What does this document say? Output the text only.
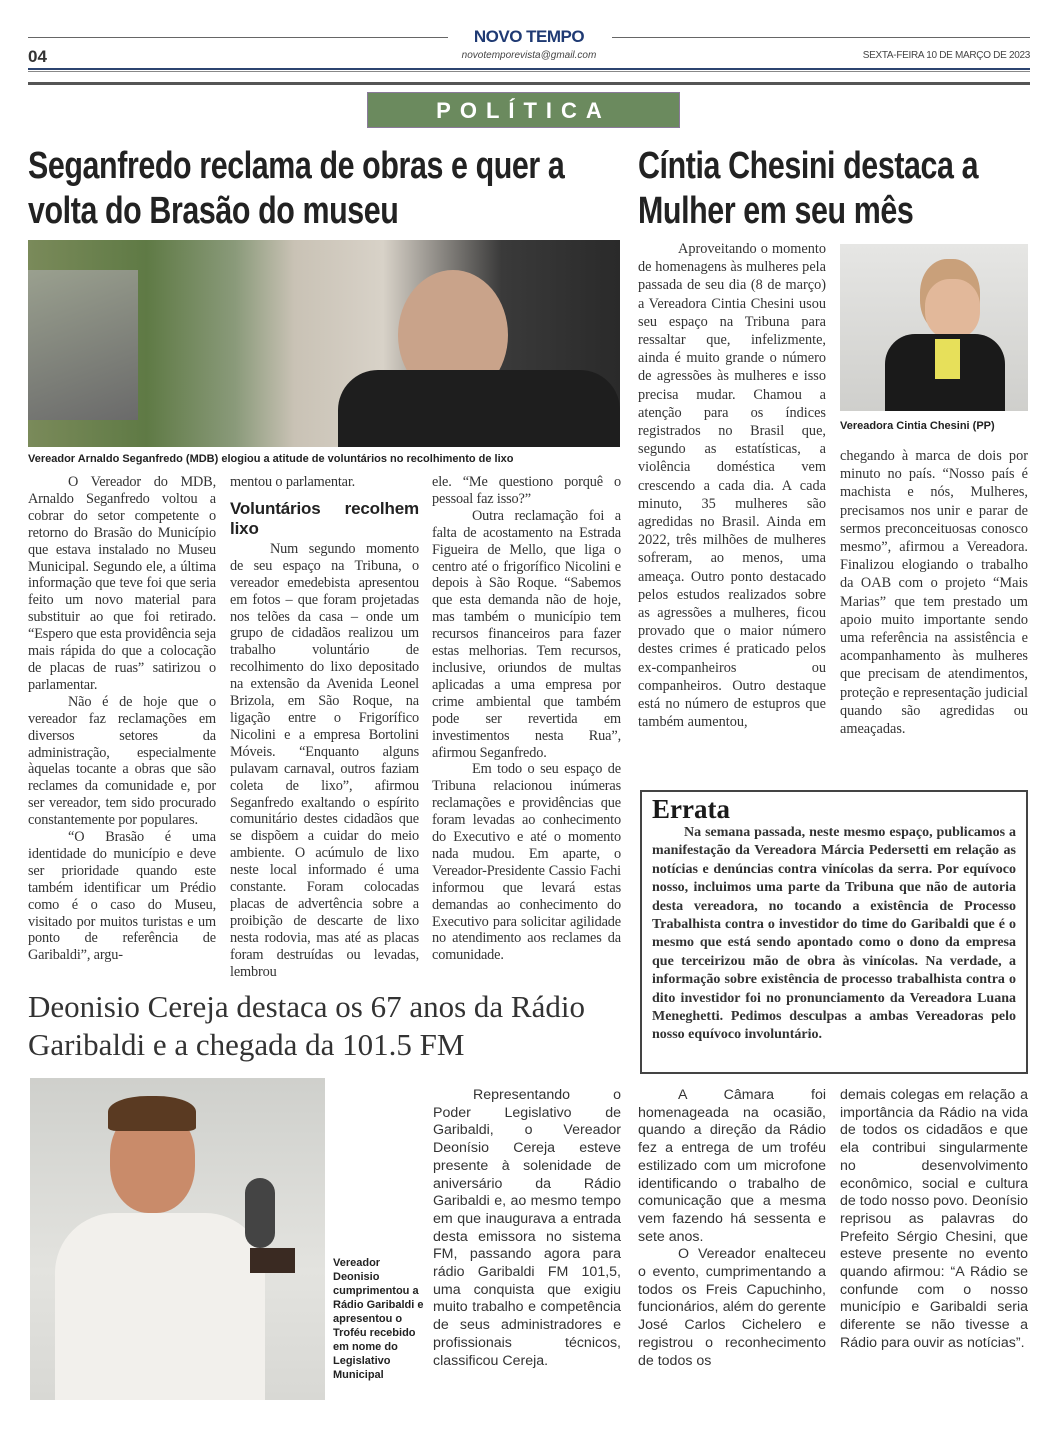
NOVO TEMPO
04	novotemporevista@gmail.com	SEXTA-FEIRA 10 DE MARÇO DE 2023
POLÍTICA
Seganfredo reclama de obras e quer a volta do Brasão do museu
Vereador Arnaldo Seganfredo (MDB) elogiou a atitude de voluntários no recolhimento de lixo

O Vereador do MDB, Arnaldo Seganfredo voltou a cobrar do setor competente o retorno do Brasão do Município que estava instalado no Museu Municipal. Segundo ele, a última informação que teve foi que seria feito um novo material para substituir ao que foi retirado. “Espero que esta providência seja mais rápida do que a colocação de placas de ruas” satirizou o parlamentar.

Não é de hoje que o vereador faz reclamações em diversos setores da administração, especialmente àquelas tocante a obras que são reclames da comunidade e, por ser vereador, tem sido procurado constantemente por populares.

“O Brasão é uma identidade do município e deve ser prioridade quando este também identificar um Prédio como é o caso do Museu, visitado por muitos turistas e um ponto de referência de Garibaldi”, argu-

mentou o parlamentar.

Voluntários recolhem lixo

Num segundo momento de seu espaço na Tribuna, o vereador emedebista apresentou em fotos – que foram projetadas nos telões da casa – onde um grupo de cidadãos realizou um trabalho voluntário de recolhimento do lixo depositado na extensão da Avenida Leonel Brizola, em São Roque, na ligação entre o Frigorífico Nicolini e a empresa Bortolini Móveis. “Enquanto alguns pulavam carnaval, outros faziam coleta de lixo”, afirmou Seganfredo exaltando o espírito comunitário destes cidadãos que se dispõem a cuidar do meio ambiente. O acúmulo de lixo neste local informado é uma constante. Foram colocadas placas de advertência sobre a proibição de descarte de lixo nesta rodovia, mas até as placas foram destruídas ou levadas, lembrou

ele. “Me questiono porquê o pessoal faz isso?”

Outra reclamação foi a falta de acostamento na Estrada Figueira de Mello, que liga o centro até o frigorífico Nicolini e depois à São Roque. “Sabemos que esta demanda não de hoje, mas também o município tem recursos financeiros para fazer estas melhorias. Tem recursos, inclusive, oriundos de multas aplicadas a uma empresa por crime ambiental que também pode ser revertida em investimentos nesta Rua”, afirmou Seganfredo.

Em todo o seu espaço de Tribuna relacionou inúmeras reclamações e providências que foram levadas ao conhecimento do Executivo e até o momento nada mudou. Em aparte, o Vereador-Presidente Cassio Fachi informou que levará estas demandas ao conhecimento do Executivo para solicitar agilidade no atendimento aos reclames da comunidade.

Cíntia Chesini destaca a Mulher em seu mês

Aproveitando o momento de homenagens às mulheres pela passada de seu dia (8 de março) a Vereadora Cintia Chesini usou seu espaço na Tribuna para ressaltar que, infelizmente, ainda é muito grande o número de agressões às mulheres e isso precisa mudar. Chamou a atenção para os índices registrados no Brasil que, segundo as estatísticas, a violência doméstica vem crescendo a cada dia. A cada minuto, 35 mulheres são agredidas no Brasil. Ainda em 2022, três milhões de mulheres sofreram, ao menos, uma ameaça. Outro ponto destacado pelos estudos realizados sobre as agressões a mulheres, ficou provado que o maior número destes crimes é praticado pelos ex-companheiros ou companheiros. Outro destaque está no número de estupros que também aumentou,

Vereadora Cintia Chesini (PP)

chegando à marca de dois por minuto no país. “Nosso país é machista e nós, Mulheres, precisamos nos unir e parar de sermos preconceituosas conosco mesmo”, afirmou a Vereadora. Finalizou elogiando o trabalho da OAB com o projeto “Mais Marias” que tem prestado um apoio muito importante sendo uma referência na assistência e acompanhamento às mulheres que precisam de atendimentos, proteção e representação judicial quando são agredidas ou ameaçadas.

Errata

Na semana passada, neste mesmo espaço, publicamos a manifestação da Vereadora Márcia Pedersetti em relação as notícias e denúncias contra vinícolas da serra. Por equívoco nosso, incluimos uma parte da Tribuna que não de autoria desta vereadora, no tocando a existência de Processo Trabalhista contra o investidor do time do Garibaldi que é o mesmo que está sendo apontado como o dono da empresa que terceirizou mão de obra às vinícolas. Na verdade, a informação sobre existência de processo trabalhista contra o dito investidor foi no pronunciamento da Vereadora Luana Meneghetti. Pedimos desculpas a ambas Vereadoras pelo nosso equívoco involuntário.

Deonisio Cereja destaca os 67 anos da Rádio Garibaldi e a chegada da 101.5 FM
Vereador Deonisio cumprimentou a Rádio Garibaldi e apresentou o Troféu recebido em nome do Legislativo Municipal

Representando o Poder Legislativo de Garibaldi, o Vereador Deonísio Cereja esteve presente à solenidade de aniversário da Rádio Garibaldi e, ao mesmo tempo em que inaugurava a entrada desta emissora no sistema FM, passando agora para rádio Garibaldi FM 101,5, uma conquista que exigiu muito trabalho e competência de seus administradores e profissionais técnicos, classificou Cereja.

A Câmara foi homenageada na ocasião, quando a direção da Rádio fez a entrega de um troféu estilizado com um microfone identificando o trabalho de comunicação que a mesma vem fazendo há sessenta e sete anos.

O Vereador enalteceu o evento, cumprimentando a todos os Freis Capuchinho, funcionários, além do gerente José Carlos Cichelero e registrou o reconhecimento de todos os

demais colegas em relação a importância da Rádio na vida de todos os cidadãos e que ela contribui singularmente no desenvolvimento econômico, social e cultura de todo nosso povo. Deonísio reprisou as palavras do Prefeito Sérgio Chesini, que esteve presente no evento quando afirmou: “A Rádio se confunde com o nosso município e Garibaldi seria diferente se não tivesse a Rádio para ouvir as notícias”.
